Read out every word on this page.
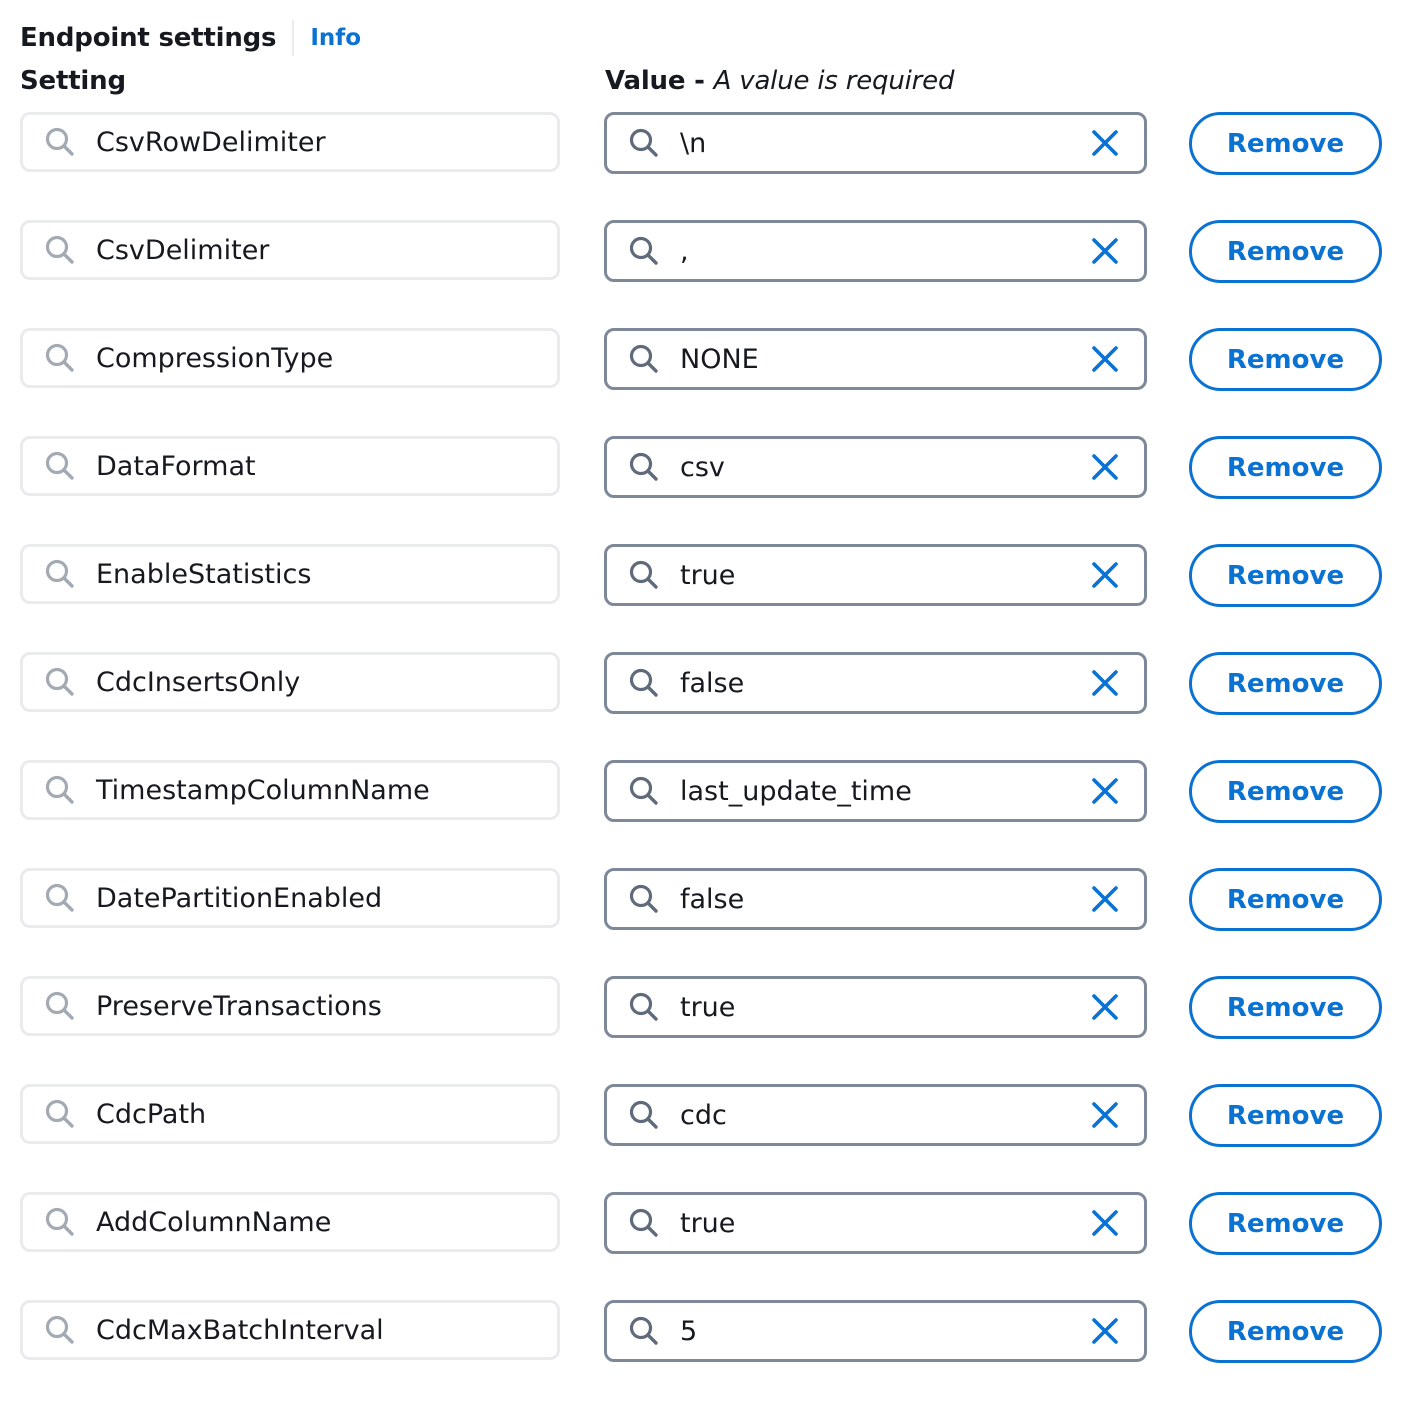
Endpoint settings Info
Setting	Value - A value is required
CsvRowDelimiter	\n	Remove
CsvDelimiter	,	Remove
CompressionType	NONE	Remove
DataFormat	csv	Remove
EnableStatistics	true	Remove
CdcInsertsOnly	false	Remove
TimestampColumnName	last_update_time	Remove
DatePartitionEnabled	false	Remove
PreserveTransactions	true	Remove
CdcPath	cdc	Remove
AddColumnName	true	Remove
CdcMaxBatchInterval	5	Remove
